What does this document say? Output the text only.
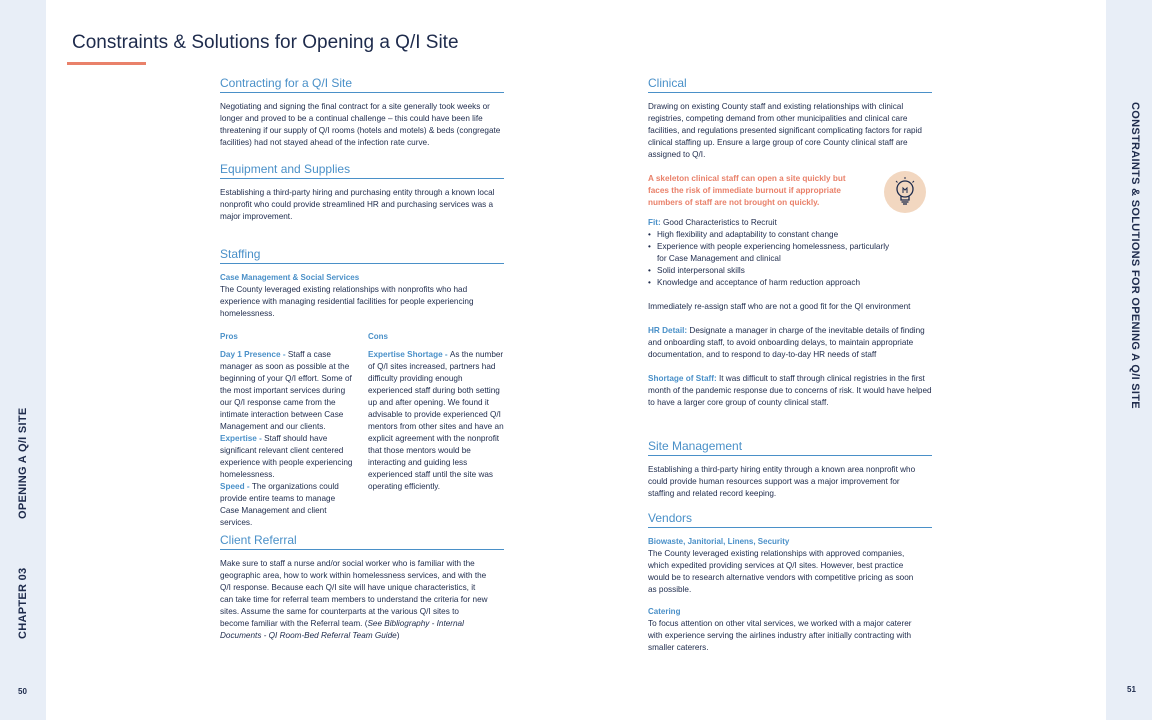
CHAPTER 03
OPENING A Q/I SITE
50
CONSTRAINTS & SOLUTIONS FOR OPENING A Q/I SITE
51
Constraints & Solutions for Opening a Q/I Site
Contracting for a Q/I Site

Negotiating and signing the final contract for a site generally took weeks or longer and proved to be a continual challenge – this could have been life threatening if our supply of Q/I rooms (hotels and motels) & beds (congregate facilities) had not stayed ahead of the infection rate curve.

Equipment and Supplies

Establishing a third-party hiring and purchasing entity through a known local nonprofit who could provide streamlined HR and purchasing services was a major improvement.

Staffing
Case Management & Social Services

The County leveraged existing relationships with nonprofits who had experience with managing residential facilities for people experiencing homelessness.

Pros

Day 1 Presence - Staff a case manager as soon as possible at the beginning of your Q/I effort. Some of the most important services during our Q/I response came from the intimate interaction between Case Management and our clients.

Expertise - Staff should have significant relevant client centered experience with people experiencing homelessness.

Speed - The organizations could provide entire teams to manage Case Management and client services.

Cons

Expertise Shortage - As the number of Q/I sites increased, partners had difficulty providing enough experienced staff during both setting up and after opening. We found it advisable to provide experienced Q/I mentors from other sites and have an explicit agreement with the nonprofit that those mentors would be interacting and guiding less experienced staff until the site was operating efficiently.

Client Referral

Make sure to staff a nurse and/or social worker who is familiar with the geographic area, how to work within homelessness services, and with the Q/I response. Because each Q/I site will have unique characteristics, it can take time for referral team members to understand the criteria for new sites. Assume the same for counterparts at the various Q/I sites to become familiar with the Referral team. (See Bibliography - Internal Documents - QI Room-Bed Referral Team Guide)

Clinical

Drawing on existing County staff and existing relationships with clinical registries, competing demand from other municipalities and clinical care facilities, and regulations presented significant complicating factors for rapid clinical staffing up. Ensure a large group of core County clinical staff are assigned to Q/I.

A skeleton clinical staff can open a site quickly but faces the risk of immediate burnout if appropriate numbers of staff are not brought on quickly.

Fit: Good Characteristics to Recruit

• High flexibility and adaptability to constant change
• Experience with people experiencing homelessness, particularly for Case Management and clinical
• Solid interpersonal skills
• Knowledge and acceptance of harm reduction approach

Immediately re-assign staff who are not a good fit for the QI environment

HR Detail: Designate a manager in charge of the inevitable details of finding and onboarding staff, to avoid onboarding delays, to maintain appropriate documentation, and to respond to day-to-day HR needs of staff

Shortage of Staff: It was difficult to staff through clinical registries in the first month of the pandemic response due to concerns of risk. It would have helped to have a larger core group of county clinical staff.

Site Management

Establishing a third-party hiring entity through a known area nonprofit who could provide human resources support was a major improvement for staffing and related record keeping.

Vendors
Biowaste, Janitorial, Linens, Security

The County leveraged existing relationships with approved companies, which expedited providing services at Q/I sites. However, best practice would be to research alternative vendors with competitive pricing as soon as possible.

Catering

To focus attention on other vital services, we worked with a major caterer with experience serving the airlines industry after initially contracting with smaller caterers.
